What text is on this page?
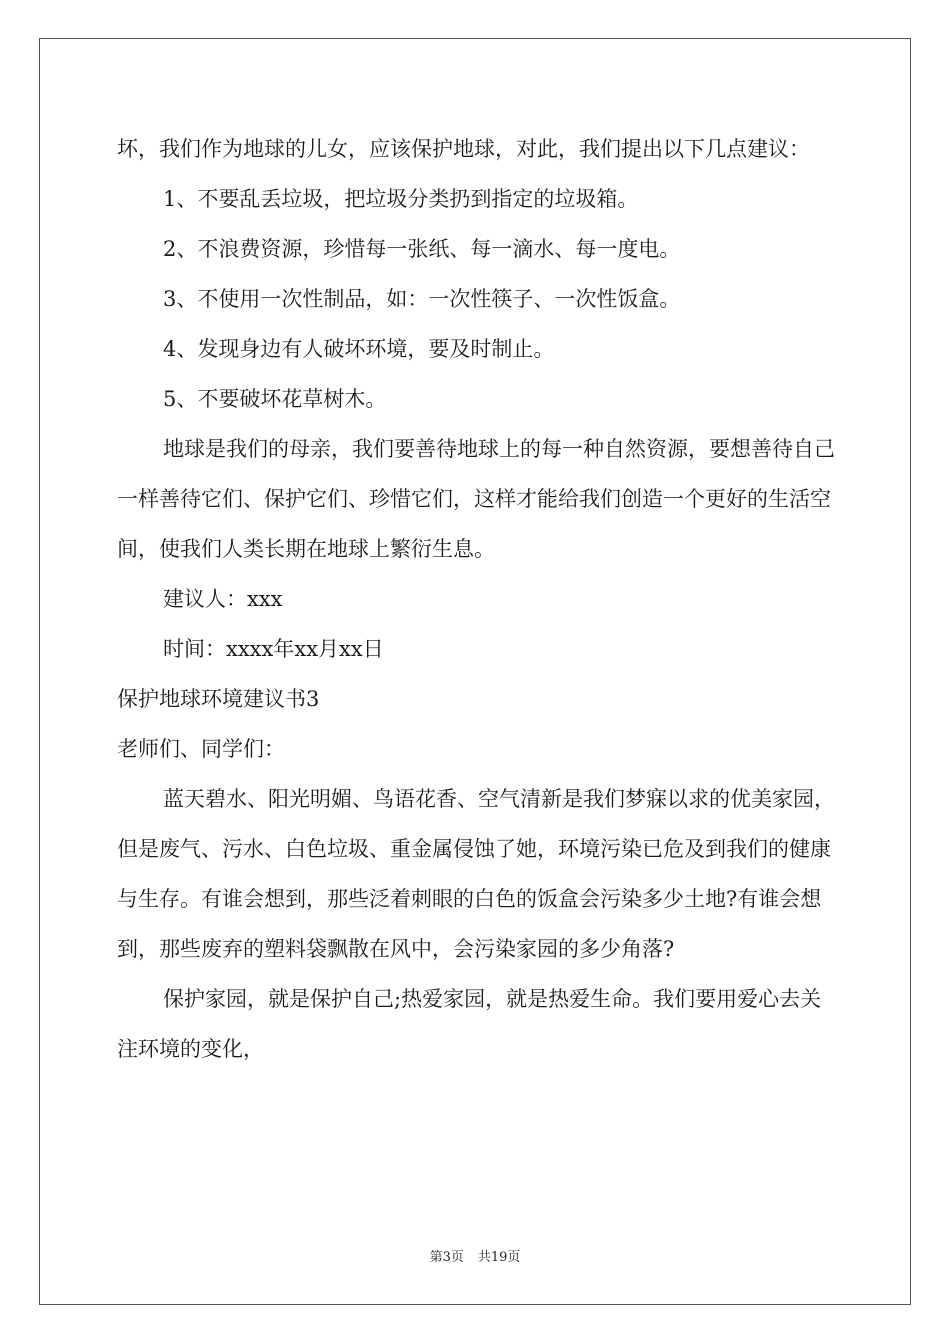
坏，我们作为地球的儿女，应该保护地球，对此，我们提出以下几点建议：

1、不要乱丢垃圾，把垃圾分类扔到指定的垃圾箱。

2、不浪费资源，珍惜每一张纸、每一滴水、每一度电。

3、不使用一次性制品，如：一次性筷子、一次性饭盒。

4、发现身边有人破坏环境，要及时制止。

5、不要破坏花草树木。

地球是我们的母亲，我们要善待地球上的每一种自然资源，要想善待自己一样善待它们、保护它们、珍惜它们，这样才能给我们创造一个更好的生活空间，使我们人类长期在地球上繁衍生息。

建议人：xxx

时间：xxxx年xx月xx日

保护地球环境建议书3

老师们、同学们：

蓝天碧水、阳光明媚、鸟语花香、空气清新是我们梦寐以求的优美家园，但是废气、污水、白色垃圾、重金属侵蚀了她，环境污染已危及到我们的健康与生存。有谁会想到，那些泛着刺眼的白色的饭盒会污染多少土地?有谁会想到，那些废弃的塑料袋飘散在风中，会污染家园的多少角落?

保护家园，就是保护自己;热爱家园，就是热爱生命。我们要用爱心去关注环境的变化，

第3页 共19页
